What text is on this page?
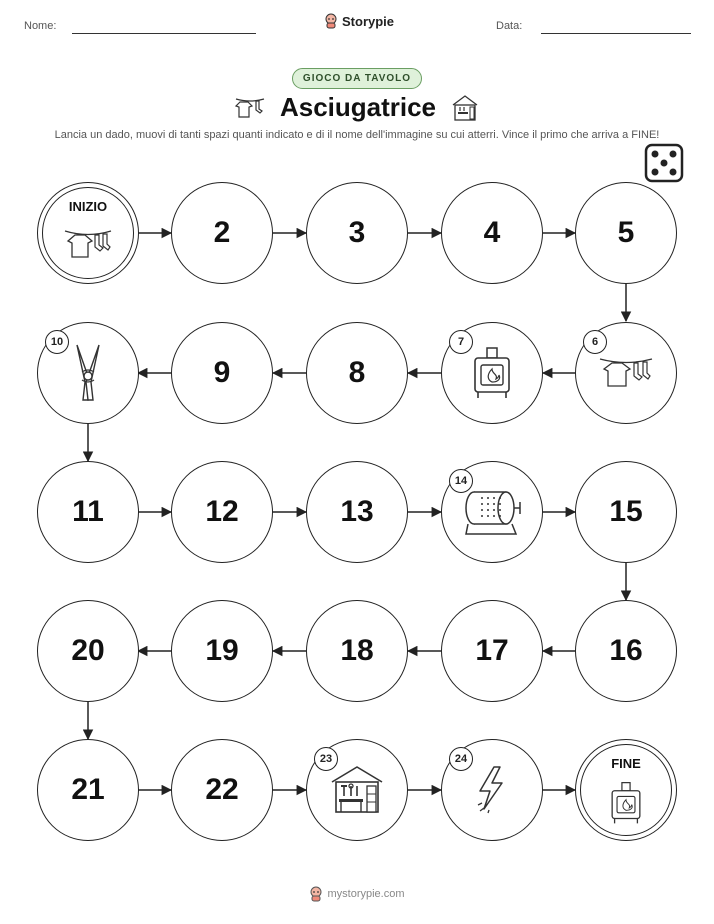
Nome:	Storypie	Data:
GIOCO DA TAVOLO
Asciugatrice
Lancia un dado, muovi di tanti spazi quanti indicato e di il nome dell'immagine su cui atterri. Vince il primo che arriva a FINE!
INIZIO
2	3	4	5
6
7
8
9
10
11	12	13
14
15
16
17
18
19
20
21	22
23	24	FINE
mystorypie.com
